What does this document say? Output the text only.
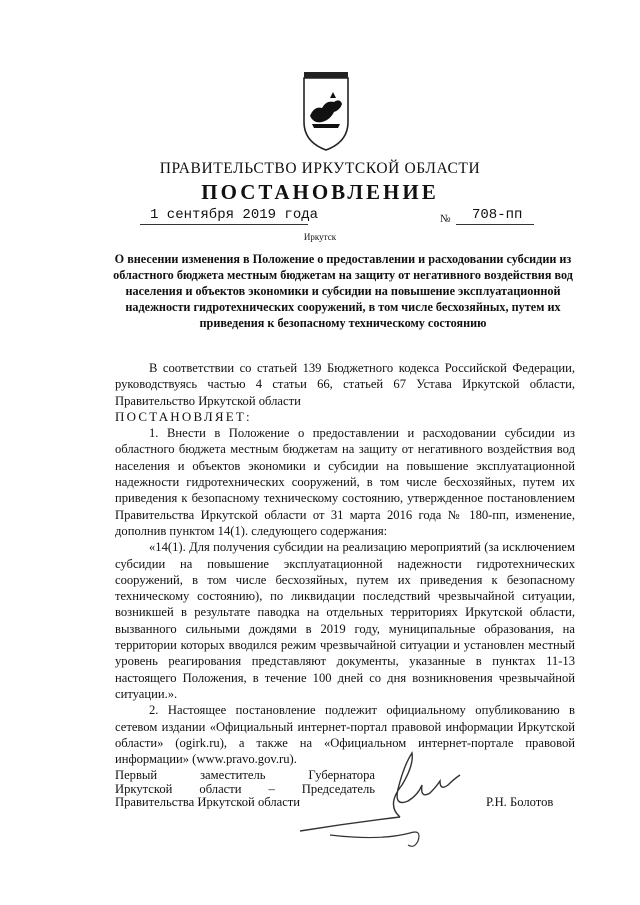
ПРАВИТЕЛЬСТВО ИРКУТСКОЙ ОБЛАСТИ
ПОСТАНОВЛЕНИЕ
1 сентября 2019 года	№ 708-пп
Иркутск

О внесении изменения в Положение о предоставлении и расходовании субсидии из областного бюджета местным бюджетам на защиту от негативного воздействия вод населения и объектов экономики и субсидии на повышение эксплуатационной надежности гидротехнических сооружений, в том числе бесхозяйных, путем их приведения к безопасному техническому состоянию

В соответствии со статьей 139 Бюджетного кодекса Российской Федерации, руководствуясь частью 4 статьи 66, статьей 67 Устава Иркутской области, Правительство Иркутской области

ПОСТАНОВЛЯЕТ:

1. Внести в Положение о предоставлении и расходовании субсидии из областного бюджета местным бюджетам на защиту от негативного воздействия вод населения и объектов экономики и субсидии на повышение эксплуатационной надежности гидротехнических сооружений, в том числе бесхозяйных, путем их приведения к безопасному техническому состоянию, утвержденное постановлением Правительства Иркутской области от 31 марта 2016 года № 180-пп, изменение, дополнив пунктом 14(1). следующего содержания:

«14(1). Для получения субсидии на реализацию мероприятий (за исключением субсидии на повышение эксплуатационной надежности гидротехнических сооружений, в том числе бесхозяйных, путем их приведения к безопасному техническому состоянию), по ликвидации последствий чрезвычайной ситуации, возникшей в результате паводка на отдельных территориях Иркутской области, вызванного сильными дождями в 2019 году, муниципальные образования, на территории которых вводился режим чрезвычайной ситуации и установлен местный уровень реагирования представляют документы, указанные в пунктах 11-13 настоящего Положения, в течение 100 дней со дня возникновения чрезвычайной ситуации.».

2. Настоящее постановление подлежит официальному опубликованию в сетевом издании «Официальный интернет-портал правовой информации Иркутской области» (ogirk.ru), а также на «Официальном интернет-портале правовой информации» (www.pravo.gov.ru).

Первый заместитель Губернатора
Иркутской области – Председатель
Правительства Иркутской области	Р.Н. Болотов
